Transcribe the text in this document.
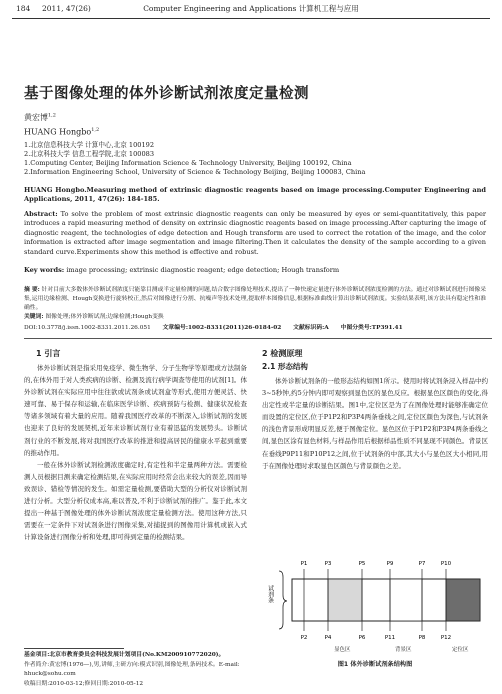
184 2011, 47(26)	Computer Engineering and Applications 计算机工程与应用
基于图像处理的体外诊断试剂浓度定量检测
黄宏博$^{1,2}$
HUANG Hongbo$^{1,2}$
1.北京信息科技大学 计算中心,北京 100192
2.北京科技大学 信息工程学院,北京 100083
1.Computing Center, Beijing Information Science & Technology University, Beijing 100192, China
2.Information Engineering School, University of Science & Technology Beijing, Beijing 100083, China
HUANG Hongbo.Measuring method of extrinsic diagnostic reagents based on image processing.Computer Engineering and Applications, 2011, 47(26): 184-185.
Abstract: To solve the problem of most extrinsic diagnostic reagents can only be measured by eyes or semi-quantitatively, this paper introduces a rapid measuring method of density on extrinsic diagnostic reagents based on image processing.After capturing the image of diagnostic reagent, the technologies of edge detection and Hough transform are used to correct the rotation of the image, and the color information is extracted after image segmentation and image filtering.Then it calculates the density of the sample according to a given standard curve.Experiments show this method is effective and robust.
Key words: image processing; extrinsic diagnostic reagent; edge detection; Hough transform
摘 要: 针对目前大多数体外诊断试剂浓度只能靠目测或半定量检测的问题,结合数字图像处理技术,提出了一种快速定量进行体外诊断试剂浓度检测的方法。通过对诊断试剂进行图像采集,运用边缘检测、Hough变换进行旋转校正,然后对图像进行分割、抗噪声等技术处理,提取样本图像信息,根据标准曲线计算出诊断试剂浓度。实验结果表明,该方法具有稳定性和准确性。
关键词: 图像处理;体外诊断试剂;边缘检测;Hough变换
DOI:10.3778/j.issn.1002-8331.2011.26.051 文章编号:1002-8331(2011)26-0184-02 文献标识码:A 中图分类号:TP391.41
1 引言
体外诊断试剂是指采用免疫学、微生物学、分子生物学等原理或方法制备的,在体外用于对人类疾病的诊断、检测及流行病学调查等使用的试剂[1]。体外诊断试剂在实际应用中往往欲或试剂条或试剂盒等形式,使用方便灵活、快速可靠、易于保存和运输,在临床医学诊断、疾病预防与检测、健康状况检查等诸多领域有着大量的应用。随着我国医疗改革的不断深入,诊断试剂的发展也迎来了良好的发展契机,近年来诊断试剂行业有着迅猛的发展势头。诊断试剂行业的不断发展,将对我国医疗改革的推进和提高居民的健康水平起到重要的推动作用。
一般在体外诊断试剂检测浓度确定时,有定性和半定量两种方法。需要检测人员根据目测来确定检测结果,在实际应用时经常会出来较大的误差,因而导致误诊、错检等情况的发生。如需定量检测,要借助大型的分析仪对诊断试剂进行分析。大型分析仪成本高,难以普及,不利于诊断试剂的推广。鉴于此,本文提出一种基于图像处理的体外诊断试剂浓度定量检测方法。使用这种方法,只需要在一定条件下对试剂条进行图像采集,对捕捉到的图像用计算机或嵌入式计算设备进行图像分析和处理,即可得到定量的检测结果。
2 检测原理
2.1 形态结构
体外诊断试剂条的一般形态结构如图1所示。使用时将试剂条浸入样品中约3~5秒钟,约5分钟内即可观察到显色区的显色反应。根据显色区颜色的变化,得出定性或半定量的诊断结果。图1中,定位区是为了在图像处理时能够准确定位而设置的定位区,位于P1P2和P3P4两条垂线之间,定位区颜色为深色,与试剂条的浅色背景形成明显反差,便于图像定位。显色区位于P1P2和P3P4两条垂线之间,显色区涂有显色材料,与样品作用后根据样品性质不同显现不同颜色。背景区在垂线P9P11和P10P12之间,位于试剂条的中部,其大小与显色区大小相同,用于在图像处理时求取显色区颜色与背景颜色之差。
试剂条
P1	P3	P5	P9	P7	P10
P2	P4	P6	P11	P8	P12
显色区	背景区	定位区
图1 体外诊断试剂条结构图
基金项目:北京市教育委员会科技发展计划项目(No.KM200910772020)。
作者简介:黄宏博(1976—),男,讲师,主研方向:模式识别,图像处理,条码技术。E-mail: hhuck@sohu.com
收稿日期:2010-03-12;修回日期:2010-05-12
